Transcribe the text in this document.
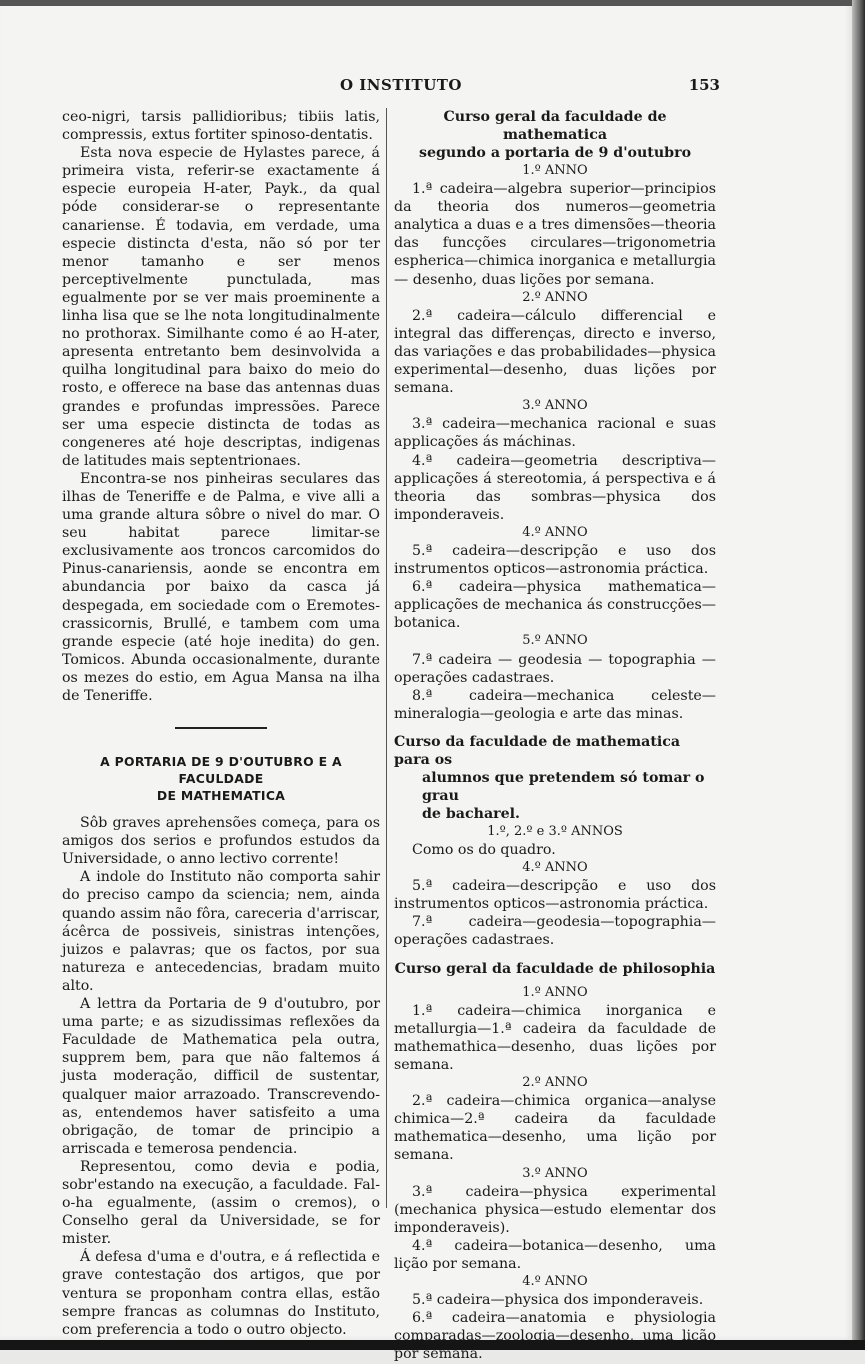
O INSTITUTO	153

ceo-nigri, tarsis pallidioribus; tibiis latis, compressis, extus fortiter spinoso-dentatis.

Esta nova especie de Hylastes parece, á primeira vista, referir-se exactamente á especie europeia H-ater, Payk., da qual póde considerar-se o representante canariense. É todavia, em verdade, uma especie distincta d'esta, não só por ter menor tamanho e ser menos perceptivelmente punctulada, mas egualmente por se ver mais proeminente a linha lisa que se lhe nota longitudinalmente no prothorax. Similhante como é ao H-ater, apresenta entretanto bem desinvolvida a quilha longitudinal para baixo do meio do rosto, e offerece na base das antennas duas grandes e profundas impressões. Parece ser uma especie distincta de todas as congeneres até hoje descriptas, indigenas de latitudes mais septentrionaes.

Encontra-se nos pinheiras seculares das ilhas de Teneriffe e de Palma, e vive alli a uma grande altura sôbre o nivel do mar. O seu habitat parece limitar-se exclusivamente aos troncos carcomidos do Pinus-canariensis, aonde se encontra em abundancia por baixo da casca já despegada, em sociedade com o Eremotes-crassicornis, Brullé, e tambem com uma grande especie (até hoje inedita) do gen. Tomicos. Abunda occasionalmente, durante os mezes do estio, em Agua Mansa na ilha de Teneriffe.

A PORTARIA DE 9 D'OUTUBRO E A FACULDADE
DE MATHEMATICA

Sôb graves aprehensões começa, para os amigos dos serios e profundos estudos da Universidade, o anno lectivo corrente!

A indole do Instituto não comporta sahir do preciso campo da sciencia; nem, ainda quando assim não fôra, careceria d'arriscar, ácêrca de possiveis, sinistras intenções, juizos e palavras; que os factos, por sua natureza e antecedencias, bradam muito alto.

A lettra da Portaria de 9 d'outubro, por uma parte; e as sizudissimas reflexões da Faculdade de Mathematica pela outra, supprem bem, para que não faltemos á justa moderação, difficil de sustentar, qualquer maior arrazoado. Transcrevendo-as, entendemos haver satisfeito a uma obrigação, de tomar de principio a arriscada e temerosa pendencia.

Representou, como devia e podia, sobr'estando na execução, a faculdade. Fal-o-ha egualmente, (assim o cremos), o Conselho geral da Universidade, se for mister.

Á defesa d'uma e d'outra, e á reflectida e grave contestação dos artigos, que por ventura se proponham contra ellas, estão sempre francas as columnas do Instituto, com preferencia a todo o outro objecto.

Curso geral da faculdade de mathematica
segundo a portaria de 9 d'outubro
1.º ANNO

1.ª cadeira—algebra superior—principios da theoria dos numeros—geometria analytica a duas e a tres dimensões—theoria das funcções circulares—trigonometria espherica—chimica inorganica e metallurgia — desenho, duas lições por semana.

2.º ANNO

2.ª cadeira—cálculo differencial e integral das differenças, directo e inverso, das variações e das probabilidades—physica experimental—desenho, duas lições por semana.

3.º ANNO

3.ª cadeira—mechanica racional e suas applicações ás máchinas.

4.ª cadeira—geometria descriptiva—applicações á stereotomia, á perspectiva e á theoria das sombras—physica dos imponderaveis.

4.º ANNO

5.ª cadeira—descripção e uso dos instrumentos opticos—astronomia práctica.

6.ª cadeira—physica mathematica—applicações de mechanica ás construcções—botanica.

5.º ANNO

7.ª cadeira — geodesia — topographia — operações cadastraes.

8.ª cadeira—mechanica celeste—mineralogia—geologia e arte das minas.

Curso da faculdade de mathematica para os
alumnos que pretendem só tomar o grau
de bacharel.
1.º, 2.º e 3.º ANNOS

Como os do quadro.

4.º ANNO

5.ª cadeira—descripção e uso dos instrumentos opticos—astronomia práctica.

7.ª cadeira—geodesia—topographia—operações cadastraes.

Curso geral da faculdade de philosophia
1.º ANNO

1.ª cadeira—chimica inorganica e metallurgia—1.ª cadeira da faculdade de mathemathica—desenho, duas lições por semana.

2.º ANNO

2.ª cadeira—chimica organica—analyse chimica—2.ª cadeira da faculdade mathematica—desenho, uma lição por semana.

3.º ANNO

3.ª cadeira—physica experimental (mechanica physica—estudo elementar dos imponderaveis).

4.ª cadeira—botanica—desenho, uma lição por semana.

4.º ANNO

5.ª cadeira—physica dos imponderaveis.

6.ª cadeira—anatomia e physiologia comparadas—zoologia—desenho, uma lição por semana.
